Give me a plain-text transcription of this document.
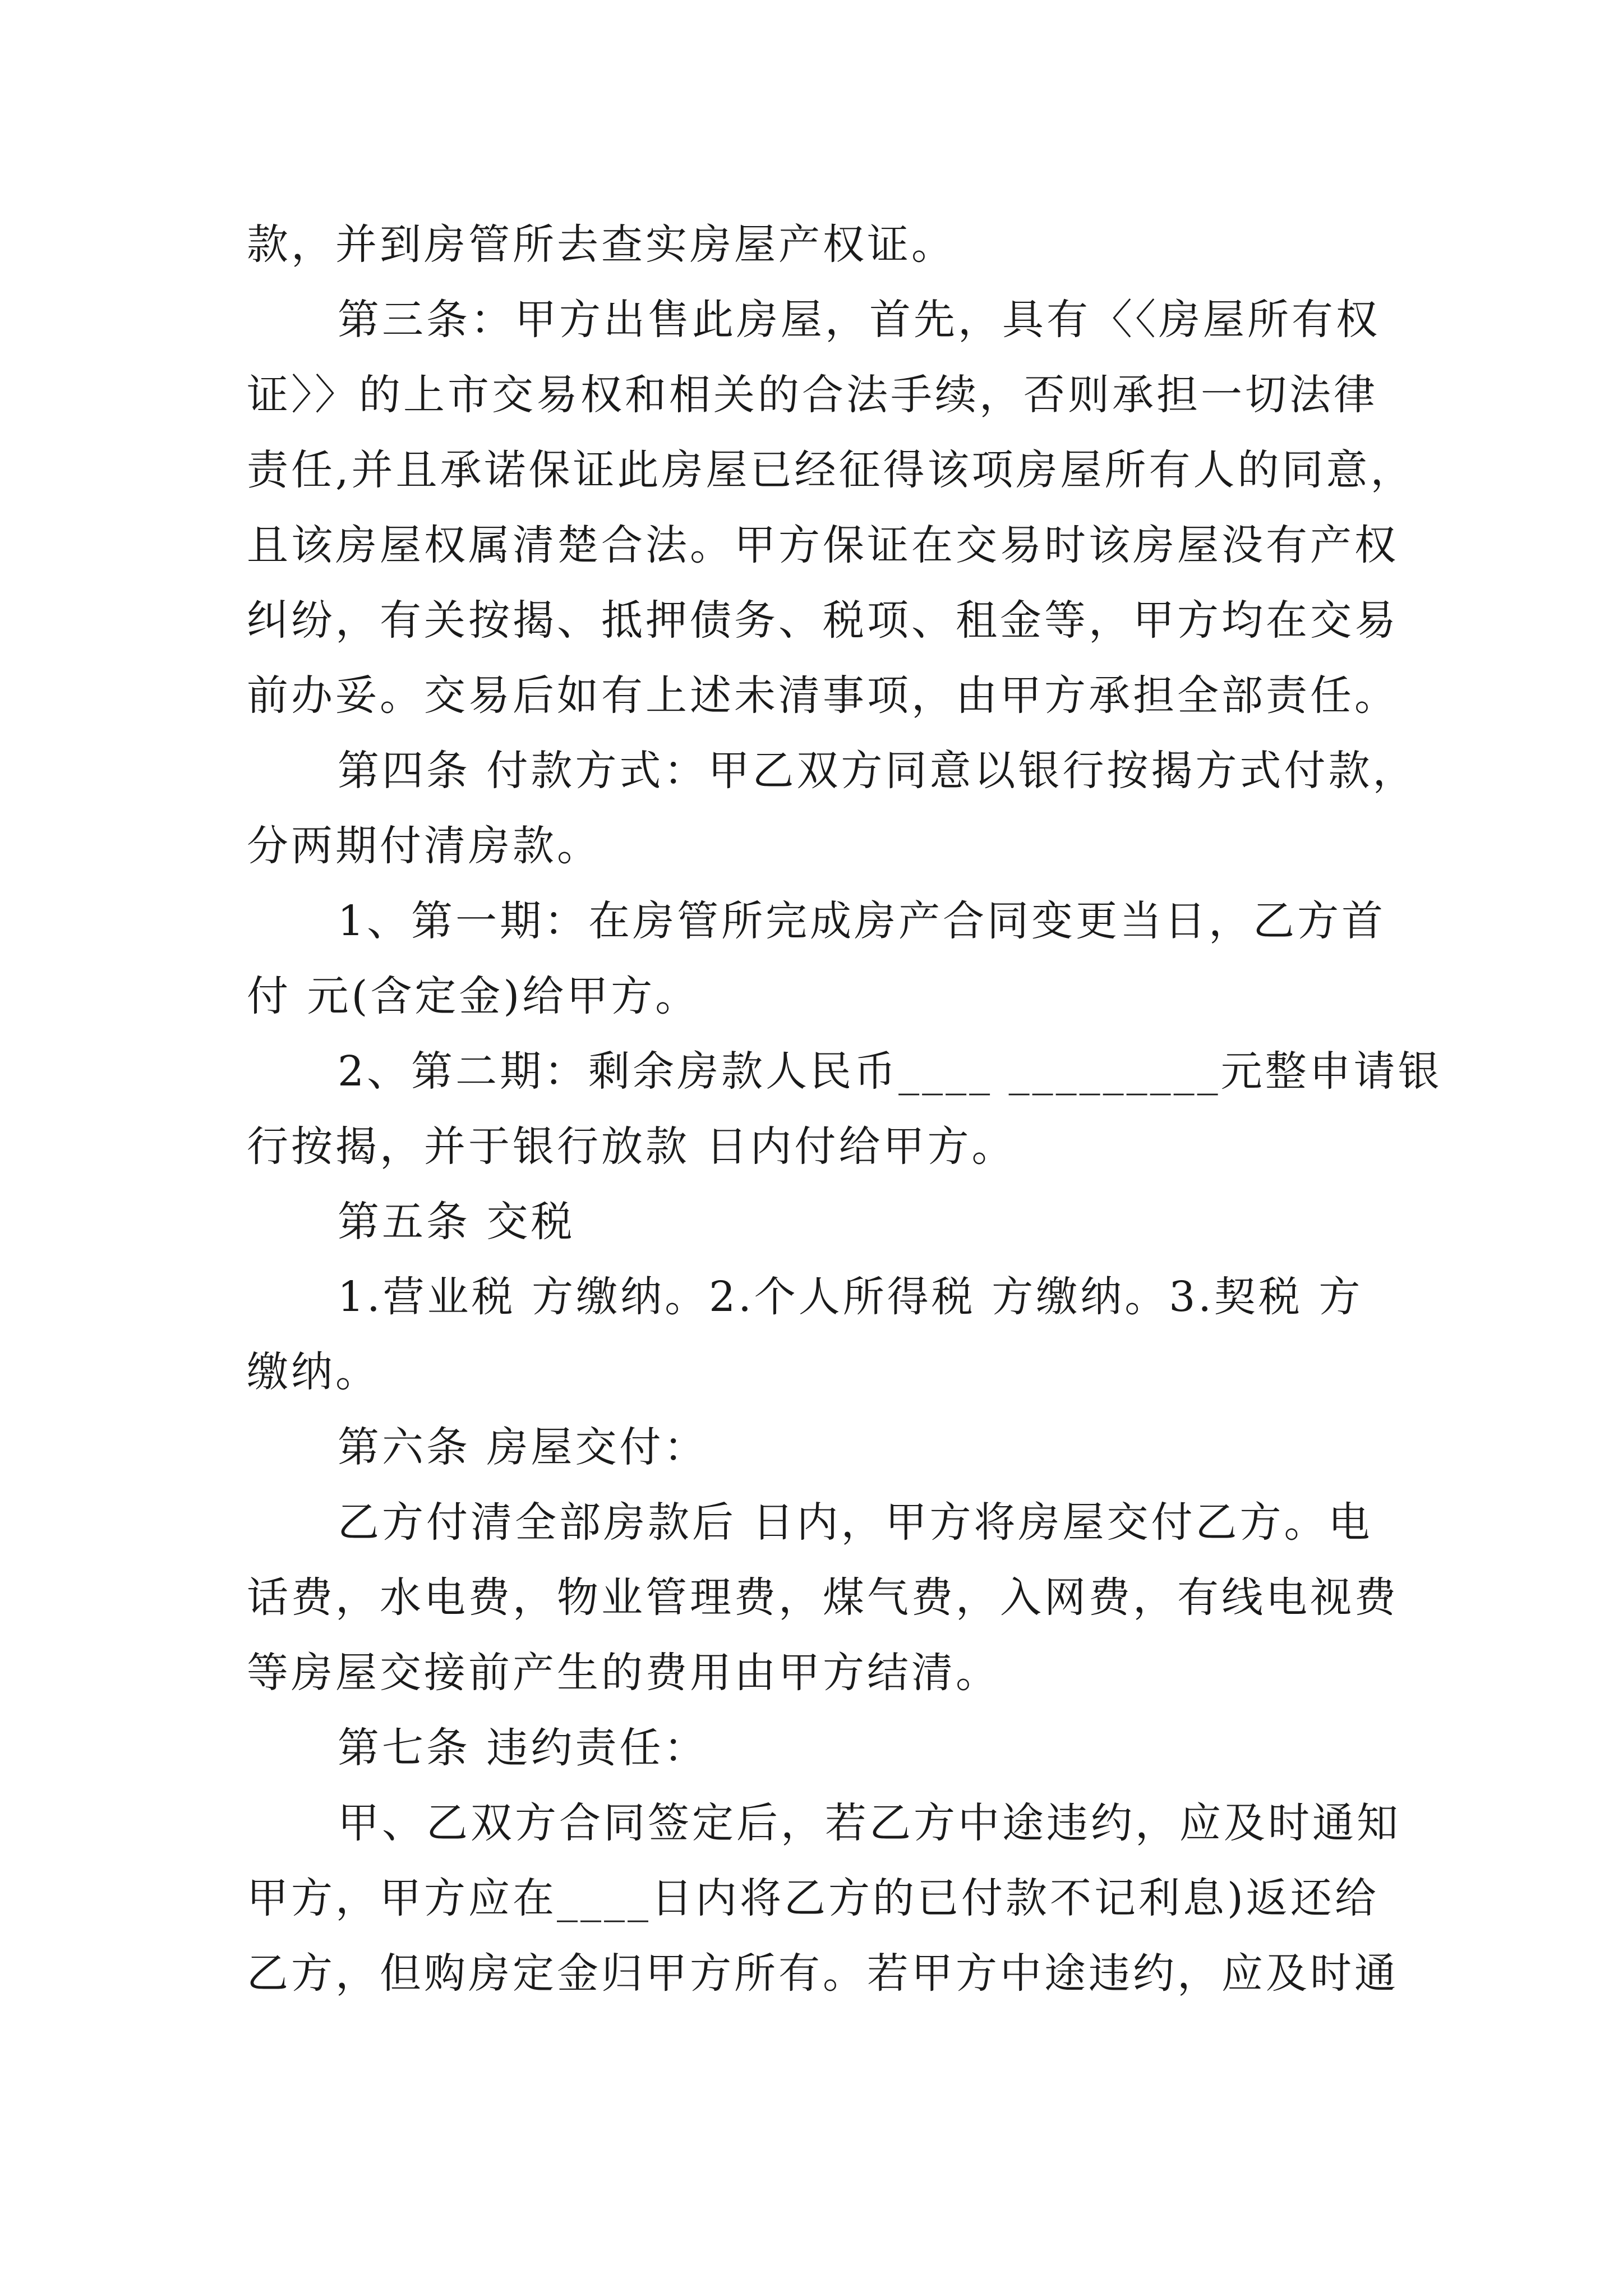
款，并到房管所去查实房屋产权证。

第三条：甲方出售此房屋，首先，具有〈〈房屋所有权

证〉〉的上市交易权和相关的合法手续，否则承担一切法律

责任,并且承诺保证此房屋已经征得该项房屋所有人的同意，

且该房屋权属清楚合法。甲方保证在交易时该房屋没有产权

纠纷，有关按揭、抵押债务、税项、租金等，甲方均在交易

前办妥。交易后如有上述未清事项，由甲方承担全部责任。

第四条 付款方式：甲乙双方同意以银行按揭方式付款，

分两期付清房款。

1、第一期：在房管所完成房产合同变更当日，乙方首

付 元(含定金)给甲方。

2、第二期：剩余房款人民币____ _________元整申请银

行按揭，并于银行放款 日内付给甲方。

第五条 交税

1.营业税 方缴纳。2.个人所得税 方缴纳。3.契税 方

缴纳。

第六条 房屋交付：

乙方付清全部房款后 日内，甲方将房屋交付乙方。电

话费，水电费，物业管理费，煤气费，入网费，有线电视费

等房屋交接前产生的费用由甲方结清。

第七条 违约责任：

甲、乙双方合同签定后，若乙方中途违约，应及时通知

甲方，甲方应在____日内将乙方的已付款不记利息)返还给

乙方，但购房定金归甲方所有。若甲方中途违约，应及时通
